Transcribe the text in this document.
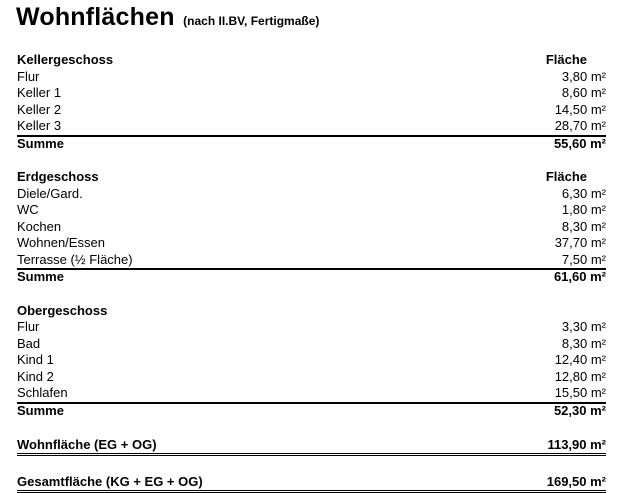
Wohnflächen (nach II.BV, Fertigmaße)
Kellergeschoss	Fläche
Flur	3,80 m²
Keller 1	8,60 m²
Keller 2	14,50 m²
Keller 3	28,70 m²
Summe	55,60 m²
Erdgeschoss	Fläche
Diele/Gard.	6,30 m²
WC	1,80 m²
Kochen	8,30 m²
Wohnen/Essen	37,70 m²
Terrasse (½ Fläche)	7,50 m²
Summe	61,60 m²
Obergeschoss
Flur	3,30 m²
Bad	8,30 m²
Kind 1	12,40 m²
Kind 2	12,80 m²
Schlafen	15,50 m²
Summe	52,30 m²
Wohnfläche (EG + OG)	113,90 m²
Gesamtfläche (KG + EG + OG)	169,50 m²
